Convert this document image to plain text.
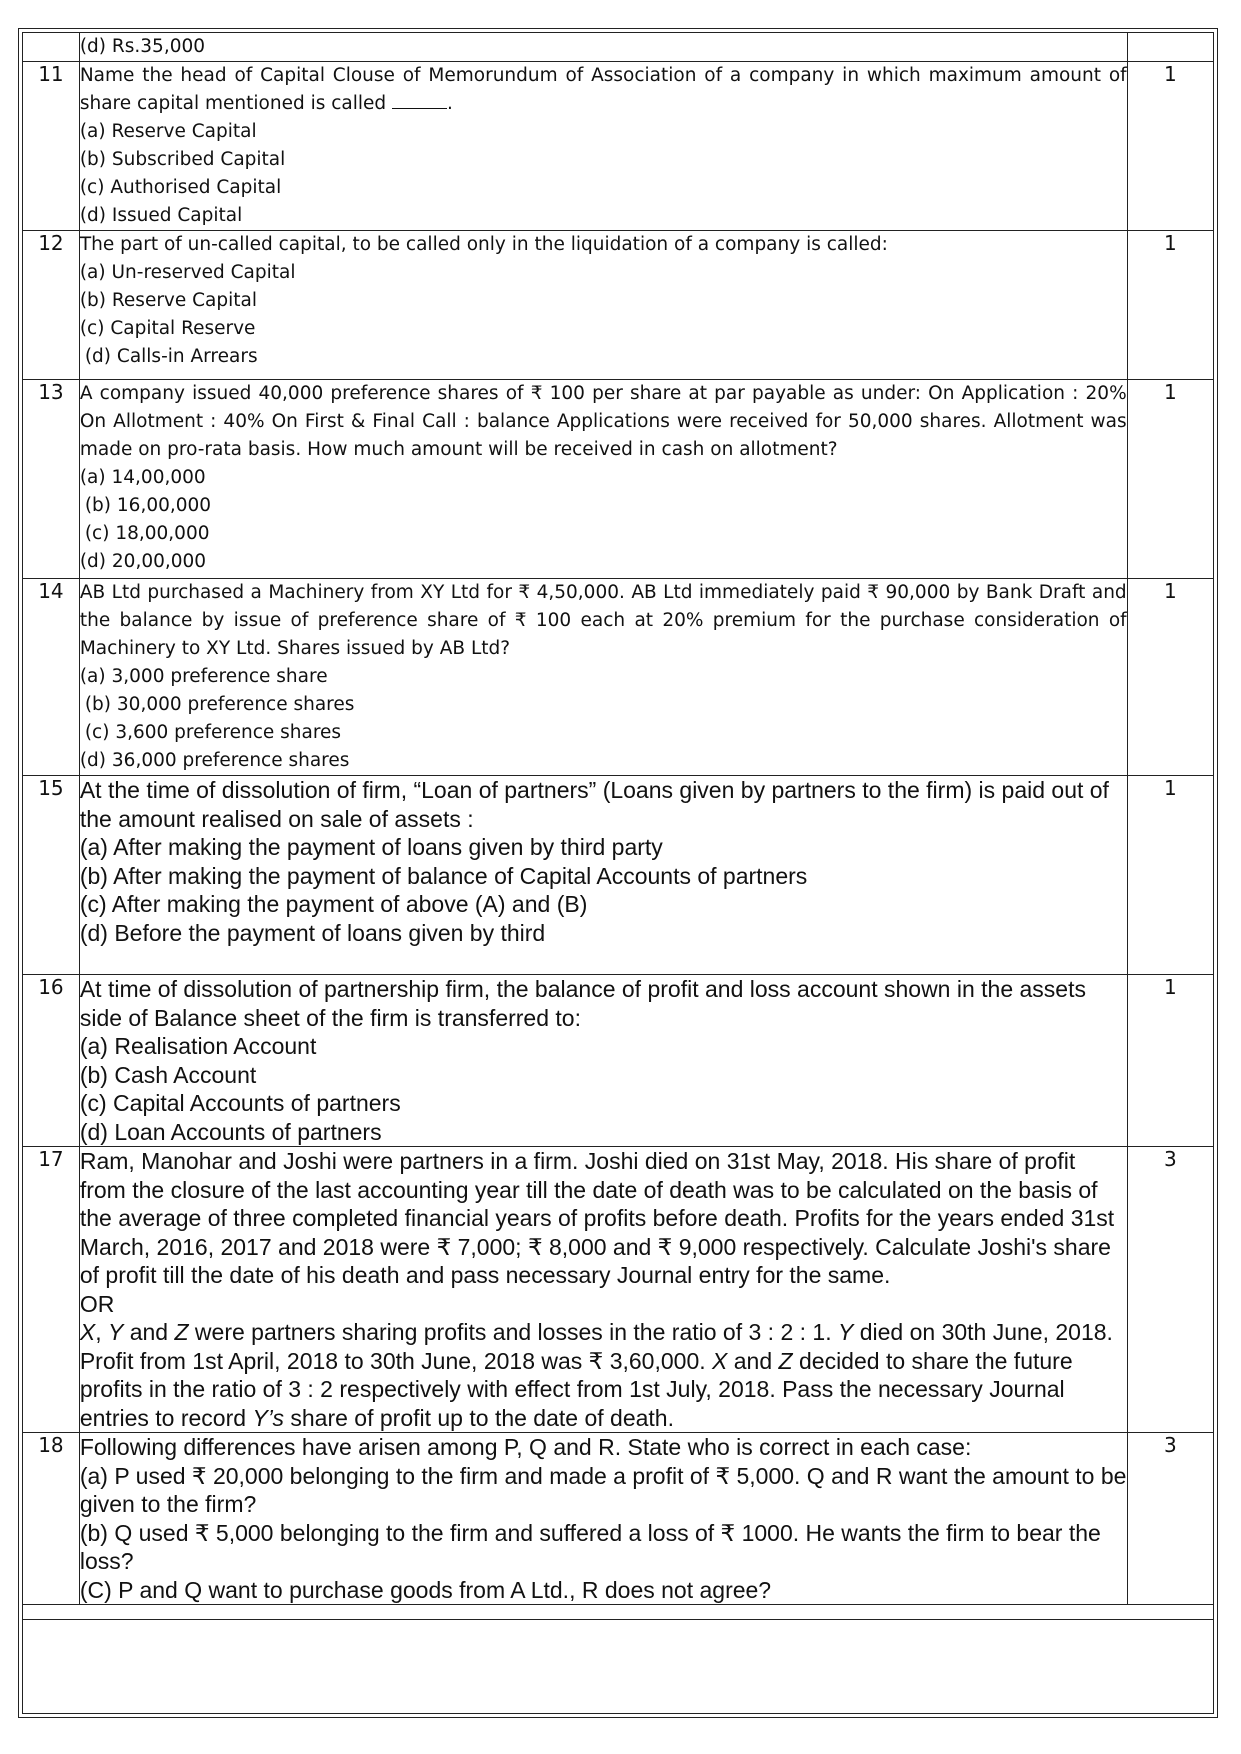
	(d) Rs.35,000	

11	Name the head of Capital Clouse of Memorundum of Association of a company in which maximum amount of share capital mentioned is called .
(a) Reserve Capital
(b) Subscribed Capital
(c) Authorised Capital
(d) Issued Capital	1
12	The part of un-called capital, to be called only in the liquidation of a company is called:
(a) Un-reserved Capital
(b) Reserve Capital
(c) Capital Reserve
(d) Calls-in Arrears	1
13	A company issued 40,000 preference shares of ₹ 100 per share at par payable as under: On Application : 20% On Allotment : 40% On First & Final Call : balance Applications were received for 50,000 shares. Allotment was made on pro-rata basis. How much amount will be received in cash on allotment?
(a) 14,00,000
(b) 16,00,000
(c) 18,00,000
(d) 20,00,000	1
14	AB Ltd purchased a Machinery from XY Ltd for ₹ 4,50,000. AB Ltd immediately paid ₹ 90,000 by Bank Draft and the balance by issue of preference share of ₹ 100 each at 20% premium for the purchase consideration of Machinery to XY Ltd. Shares issued by AB Ltd?
(a) 3,000 preference share
(b) 30,000 preference shares
(c) 3,600 preference shares
(d) 36,000 preference shares	1
15	At the time of dissolution of firm, “Loan of partners” (Loans given by partners to the firm) is paid out of the amount realised on sale of assets :
(a) After making the payment of loans given by third party
(b) After making the payment of balance of Capital Accounts of partners
(c) After making the payment of above (A) and (B)
(d) Before the payment of loans given by third	1
16	At time of dissolution of partnership firm, the balance of profit and loss account shown in the assets side of Balance sheet of the firm is transferred to:
(a) Realisation Account
(b) Cash Account
(c) Capital Accounts of partners
(d) Loan Accounts of partners	1
17	Ram, Manohar and Joshi were partners in a firm. Joshi died on 31st May, 2018. His share of profit from the closure of the last accounting year till the date of death was to be calculated on the basis of the average of three completed financial years of profits before death. Profits for the years ended 31st March, 2016, 2017 and 2018 were ₹ 7,000; ₹ 8,000 and ₹ 9,000 respectively. Calculate Joshi's share of profit till the date of his death and pass necessary Journal entry for the same.
OR
X, Y and Z were partners sharing profits and losses in the ratio of 3 : 2 : 1. Y died on 30th June, 2018. Profit from 1st April, 2018 to 30th June, 2018 was ₹ 3,60,000. X and Z decided to share the future profits in the ratio of 3 : 2 respectively with effect from 1st July, 2018. Pass the necessary Journal entries to record Y’s share of profit up to the date of death.	3
18	Following differences have arisen among P, Q and R. State who is correct in each case:
(a) P used ₹ 20,000 belonging to the firm and made a profit of ₹ 5,000. Q and R want the amount to be given to the firm?
(b) Q used ₹ 5,000 belonging to the firm and suffered a loss of ₹ 1000. He wants the firm to bear the loss?
(C) P and Q want to purchase goods from A Ltd., R does not agree?	3
